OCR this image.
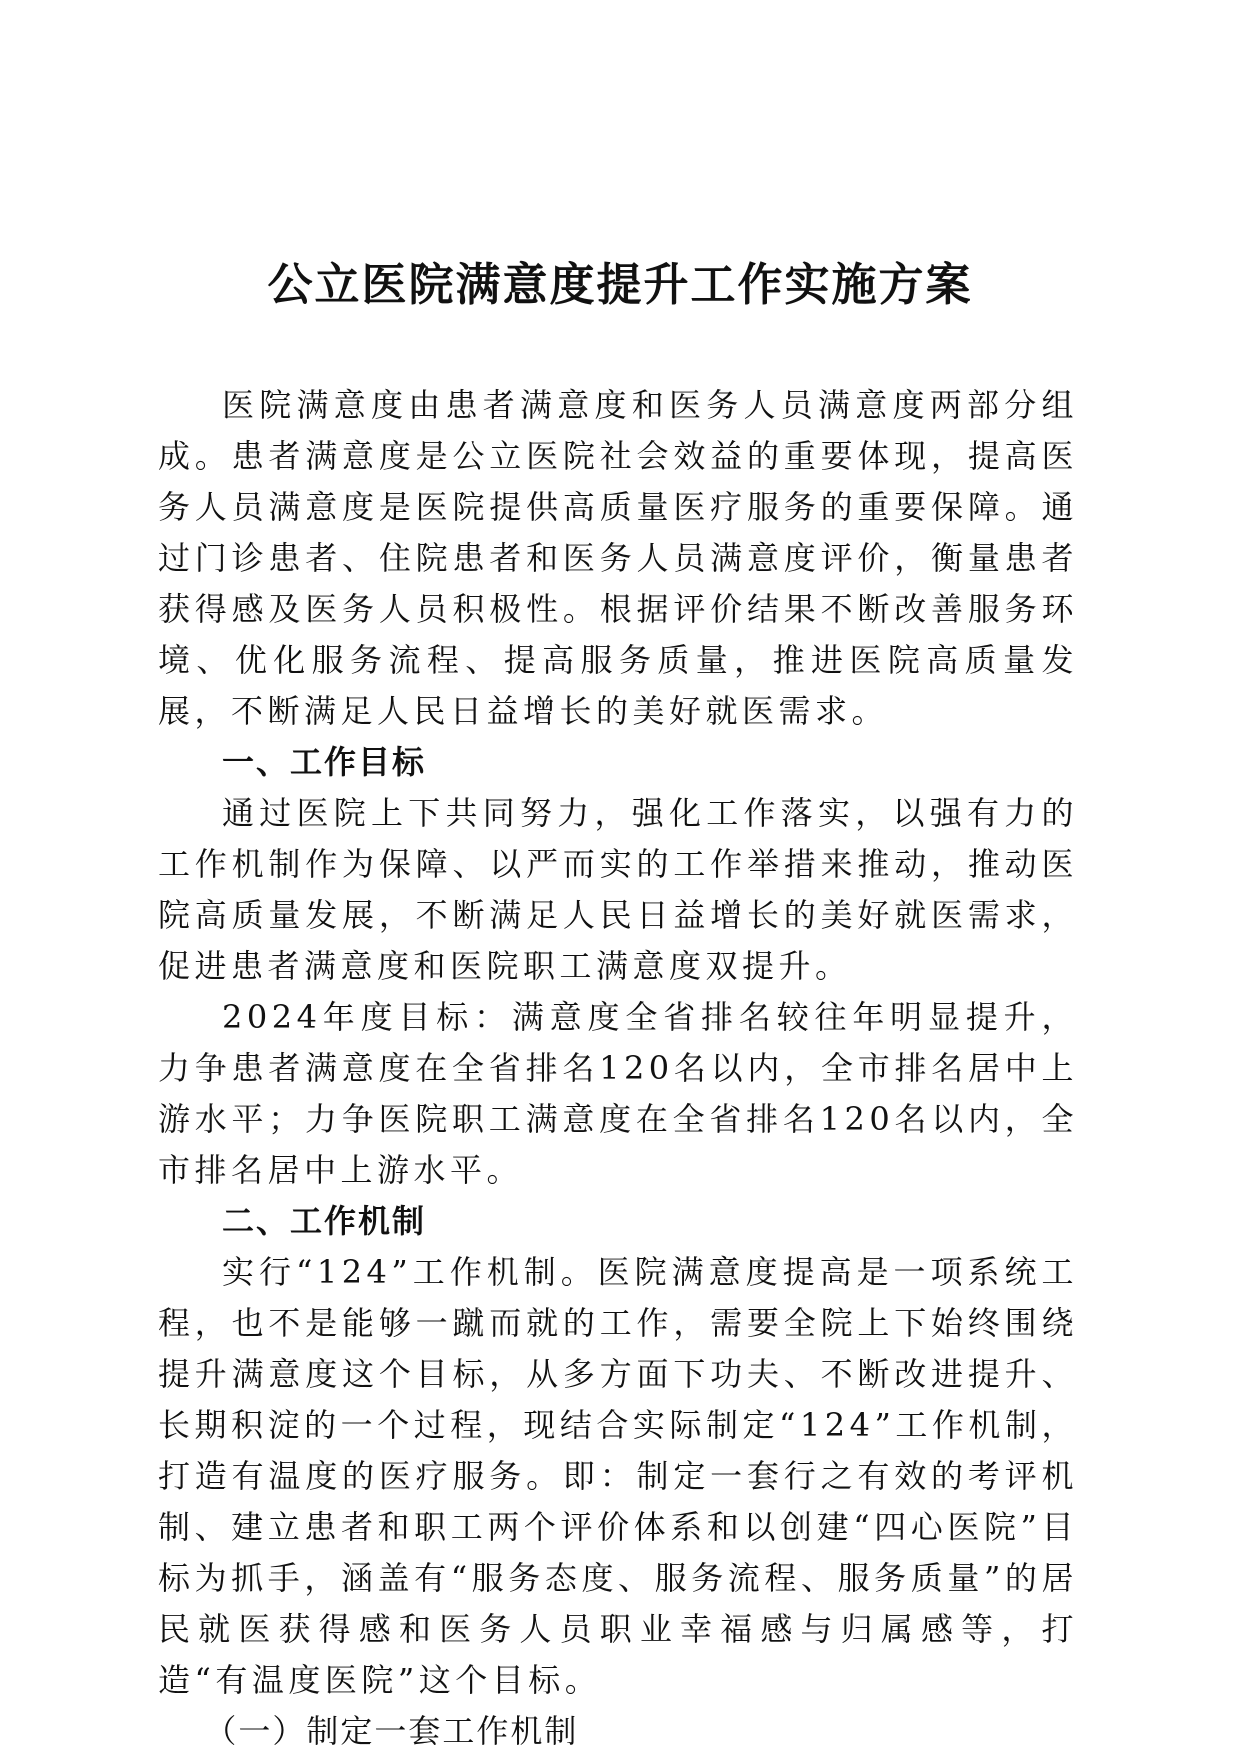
公立医院满意度提升工作实施方案

医院满意度由患者满意度和医务人员满意度两部分组成。患者满意度是公立医院社会效益的重要体现，提高医务人员满意度是医院提供高质量医疗服务的重要保障。通过门诊患者、住院患者和医务人员满意度评价，衡量患者获得感及医务人员积极性。根据评价结果不断改善服务环境、优化服务流程、提高服务质量，推进医院高质量发展，不断满足人民日益增长的美好就医需求。

一、工作目标

通过医院上下共同努力，强化工作落实，以强有力的工作机制作为保障、以严而实的工作举措来推动，推动医院高质量发展，不断满足人民日益增长的美好就医需求，促进患者满意度和医院职工满意度双提升。

2024年度目标：满意度全省排名较往年明显提升，力争患者满意度在全省排名120名以内，全市排名居中上游水平；力争医院职工满意度在全省排名120名以内，全市排名居中上游水平。

二、工作机制

实行“124”工作机制。医院满意度提高是一项系统工程，也不是能够一蹴而就的工作，需要全院上下始终围绕提升满意度这个目标，从多方面下功夫、不断改进提升、长期积淀的一个过程，现结合实际制定“124”工作机制，打造有温度的医疗服务。即：制定一套行之有效的考评机制、建立患者和职工两个评价体系和以创建“四心医院”目标为抓手，涵盖有“服务态度、服务流程、服务质量”的居民就医获得感和医务人员职业幸福感与归属感等，打造“有温度医院”这个目标。

（一）制定一套工作机制
